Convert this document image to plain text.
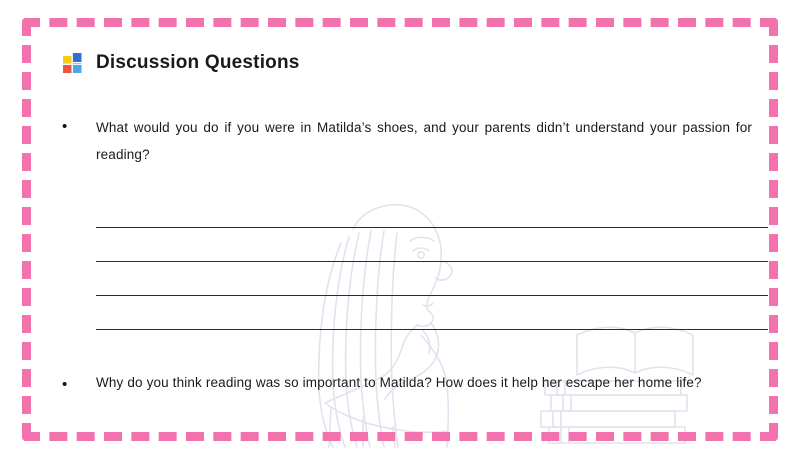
Discussion Questions
•	What would you do if you were in Matilda’s shoes, and your parents didn’t understand your passion for reading?
•	Why do you think reading was so important to Matilda? How does it help her escape her home life?
